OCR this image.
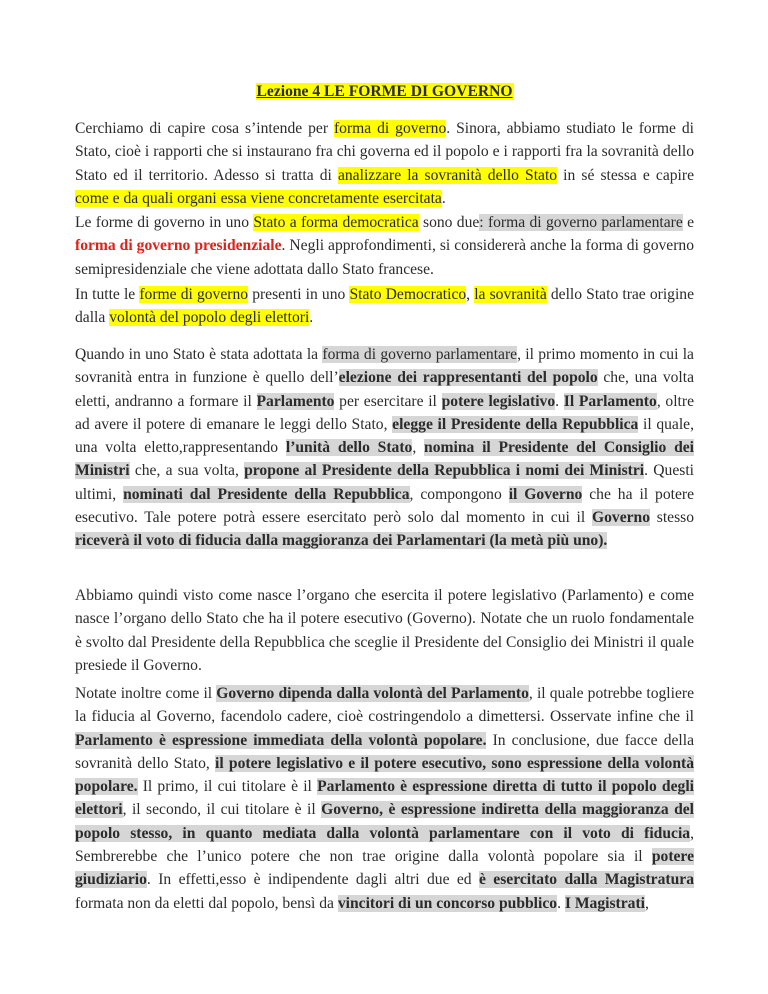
Lezione 4 LE FORME DI GOVERNO

Cerchiamo di capire cosa s’intende per forma di governo. Sinora, abbiamo studiato le forme di Stato, cioè i rapporti che si instaurano fra chi governa ed il popolo e i rapporti fra la sovranità dello Stato ed il territorio. Adesso si tratta di analizzare la sovranità dello Stato in sé stessa e capire come e da quali organi essa viene concretamente esercitata.

Le forme di governo in uno Stato a forma democratica sono due: forma di governo parlamentare e forma di governo presidenziale. Negli approfondimenti, si considererà anche la forma di governo semipresidenziale che viene adottata dallo Stato francese.

In tutte le forme di governo presenti in uno Stato Democratico, la sovranità dello Stato trae origine dalla volontà del popolo degli elettori.

Quando in uno Stato è stata adottata la forma di governo parlamentare, il primo momento in cui la sovranità entra in funzione è quello dell’elezione dei rappresentanti del popolo che, una volta eletti, andranno a formare il Parlamento per esercitare il potere legislativo. Il Parlamento, oltre ad avere il potere di emanare le leggi dello Stato, elegge il Presidente della Repubblica il quale, una volta eletto,rappresentando l’unità dello Stato, nomina il Presidente del Consiglio dei Ministri che, a sua volta, propone al Presidente della Repubblica i nomi dei Ministri. Questi ultimi, nominati dal Presidente della Repubblica, compongono il Governo che ha il potere esecutivo. Tale potere potrà essere esercitato però solo dal momento in cui il Governo stesso riceverà il voto di fiducia dalla maggioranza dei Parlamentari (la metà più uno).

Abbiamo quindi visto come nasce l’organo che esercita il potere legislativo (Parlamento) e come nasce l’organo dello Stato che ha il potere esecutivo (Governo). Notate che un ruolo fondamentale è svolto dal Presidente della Repubblica che sceglie il Presidente del Consiglio dei Ministri il quale presiede il Governo.

Notate inoltre come il Governo dipenda dalla volontà del Parlamento, il quale potrebbe togliere la fiducia al Governo, facendolo cadere, cioè costringendolo a dimettersi. Osservate infine che il Parlamento è espressione immediata della volontà popolare. In conclusione, due facce della sovranità dello Stato, il potere legislativo e il potere esecutivo, sono espressione della volontà popolare. Il primo, il cui titolare è il Parlamento è espressione diretta di tutto il popolo degli elettori, il secondo, il cui titolare è il Governo, è espressione indiretta della maggioranza del popolo stesso, in quanto mediata dalla volontà parlamentare con il voto di fiducia, Sembrerebbe che l’unico potere che non trae origine dalla volontà popolare sia il potere giudiziario. In effetti,esso è indipendente dagli altri due ed è esercitato dalla Magistratura formata non da eletti dal popolo, bensì da vincitori di un concorso pubblico. I Magistrati,
